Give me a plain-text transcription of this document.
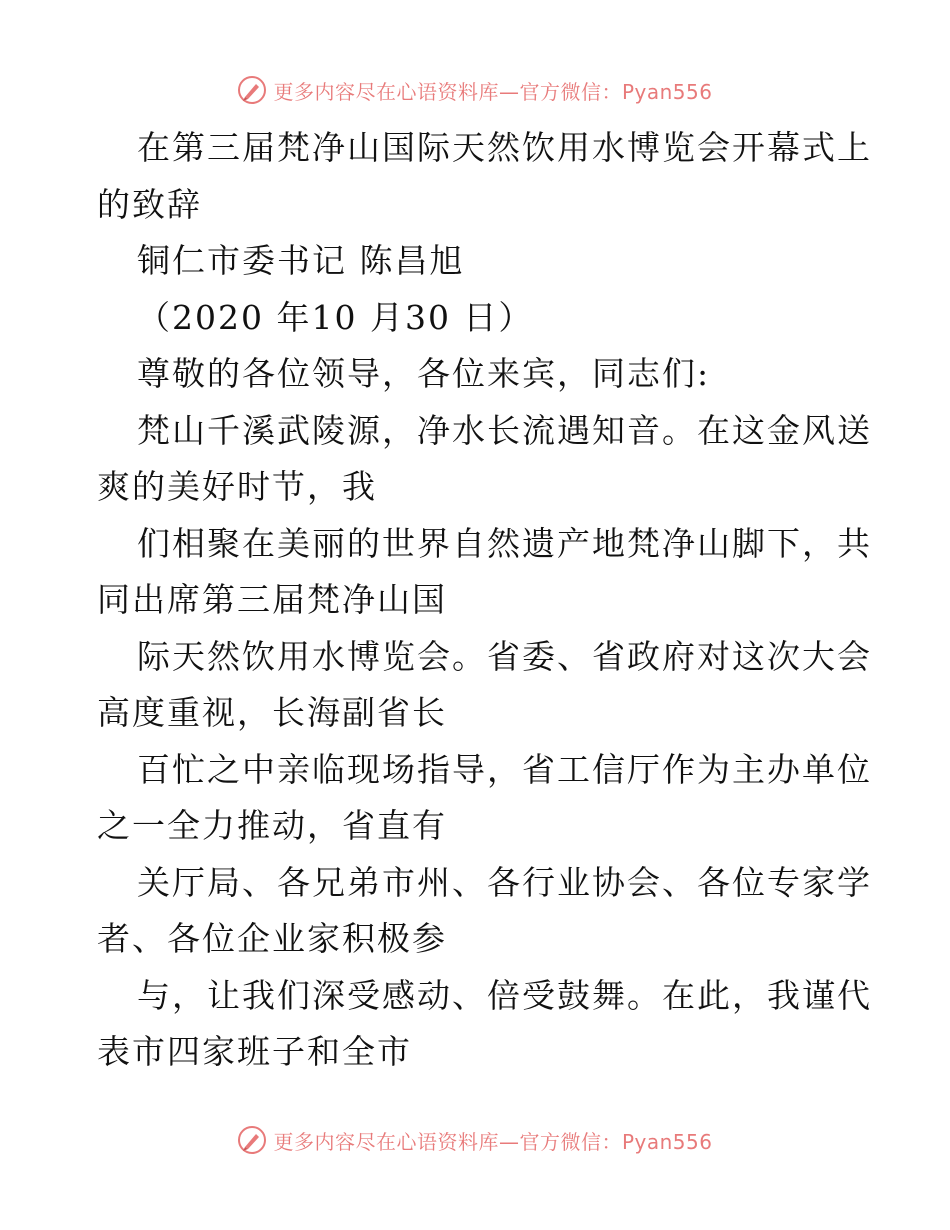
更多内容尽在心语资料库—官方微信：Pyan556
在第三届梵净山国际天然饮用水博览会开幕式上
的致辞
铜仁市委书记 陈昌旭
（2020 年10 月30 日）
尊敬的各位领导，各位来宾，同志们:
梵山千溪武陵源，净水长流遇知音。在这金风送
爽的美好时节，我
们相聚在美丽的世界自然遗产地梵净山脚下，共
同出席第三届梵净山国
际天然饮用水博览会。省委、省政府对这次大会
高度重视，长海副省长
百忙之中亲临现场指导，省工信厅作为主办单位
之一全力推动，省直有
关厅局、各兄弟市州、各行业协会、各位专家学
者、各位企业家积极参
与，让我们深受感动、倍受鼓舞。在此，我谨代
表市四家班子和全市
更多内容尽在心语资料库—官方微信：Pyan556
